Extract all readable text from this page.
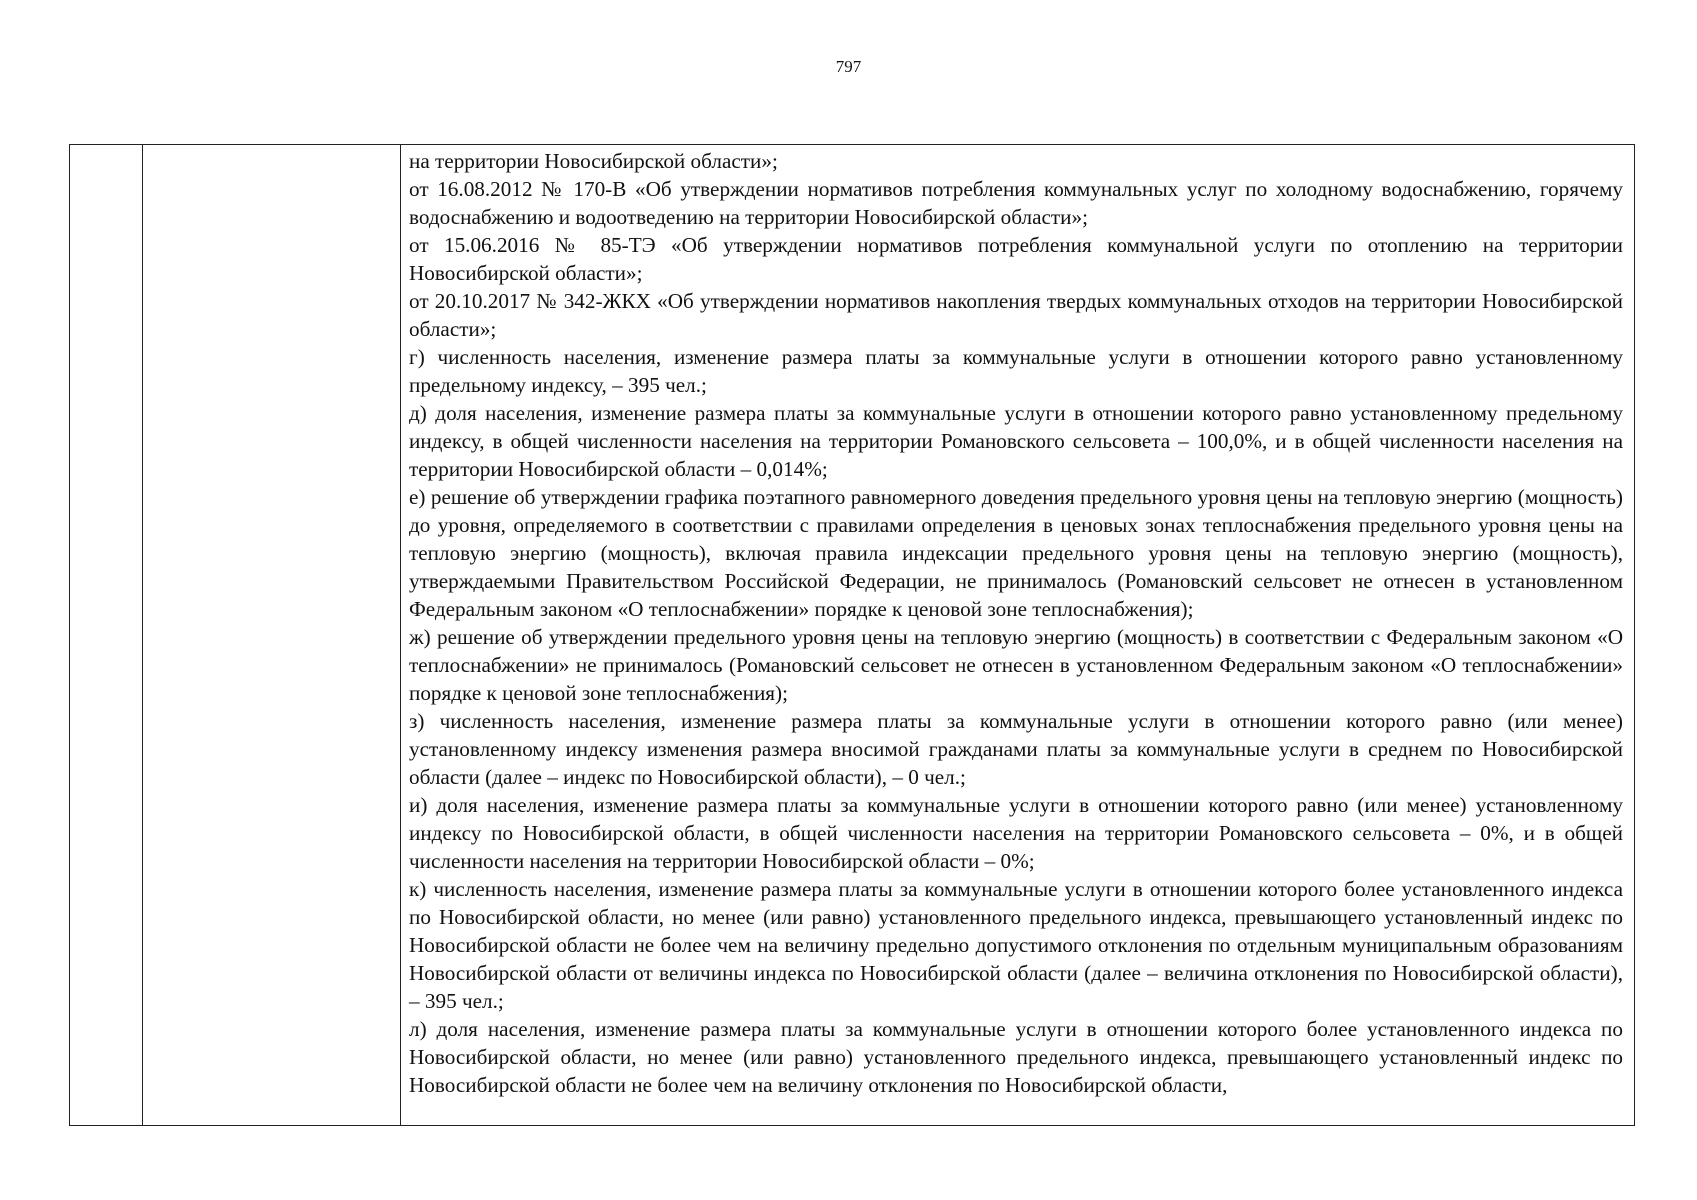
797

на территории Новосибирской области»;

от 16.08.2012 № 170-В «Об утверждении нормативов потребления коммунальных услуг по холодному водоснабжению, горячему водоснабжению и водоотведению на территории Новосибирской области»;

от 15.06.2016 № 85-ТЭ «Об утверждении нормативов потребления коммунальной услуги по отоплению на территории Новосибирской области»;

от 20.10.2017 № 342-ЖКХ «Об утверждении нормативов накопления твердых коммунальных отходов на территории Новосибирской области»;

г) численность населения, изменение размера платы за коммунальные услуги в отношении которого равно установленному предельному индексу, – 395 чел.;

д) доля населения, изменение размера платы за коммунальные услуги в отношении которого равно установленному предельному индексу, в общей численности населения на территории Романовского сельсовета – 100,0%, и в общей численности населения на территории Новосибирской области – 0,014%;

е) решение об утверждении графика поэтапного равномерного доведения предельного уровня цены на тепловую энергию (мощность) до уровня, определяемого в соответствии с правилами определения в ценовых зонах теплоснабжения предельного уровня цены на тепловую энергию (мощность), включая правила индексации предельного уровня цены на тепловую энергию (мощность), утверждаемыми Правительством Российской Федерации, не принималось (Романовский сельсовет не отнесен в установленном Федеральным законом «О теплоснабжении» порядке к ценовой зоне теплоснабжения);

ж) решение об утверждении предельного уровня цены на тепловую энергию (мощность) в соответствии с Федеральным законом «О теплоснабжении» не принималось (Романовский сельсовет не отнесен в установленном Федеральным законом «О теплоснабжении» порядке к ценовой зоне теплоснабжения);

з) численность населения, изменение размера платы за коммунальные услуги в отношении которого равно (или менее) установленному индексу изменения размера вносимой гражданами платы за коммунальные услуги в среднем по Новосибирской области (далее – индекс по Новосибирской области), – 0 чел.;

и) доля населения, изменение размера платы за коммунальные услуги в отношении которого равно (или менее) установленному индексу по Новосибирской области, в общей численности населения на территории Романовского сельсовета – 0%, и в общей численности населения на территории Новосибирской области – 0%;

к) численность населения, изменение размера платы за коммунальные услуги в отношении которого более установленного индекса по Новосибирской области, но менее (или равно) установленного предельного индекса, превышающего установленный индекс по Новосибирской области не более чем на величину предельно допустимого отклонения по отдельным муниципальным образованиям Новосибирской области от величины индекса по Новосибирской области (далее – величина отклонения по Новосибирской области), – 395 чел.;

л) доля населения, изменение размера платы за коммунальные услуги в отношении которого более установленного индекса по Новосибирской области, но менее (или равно) установленного предельного индекса, превышающего установленный индекс по Новосибирской области не более чем на величину отклонения по Новосибирской области,
